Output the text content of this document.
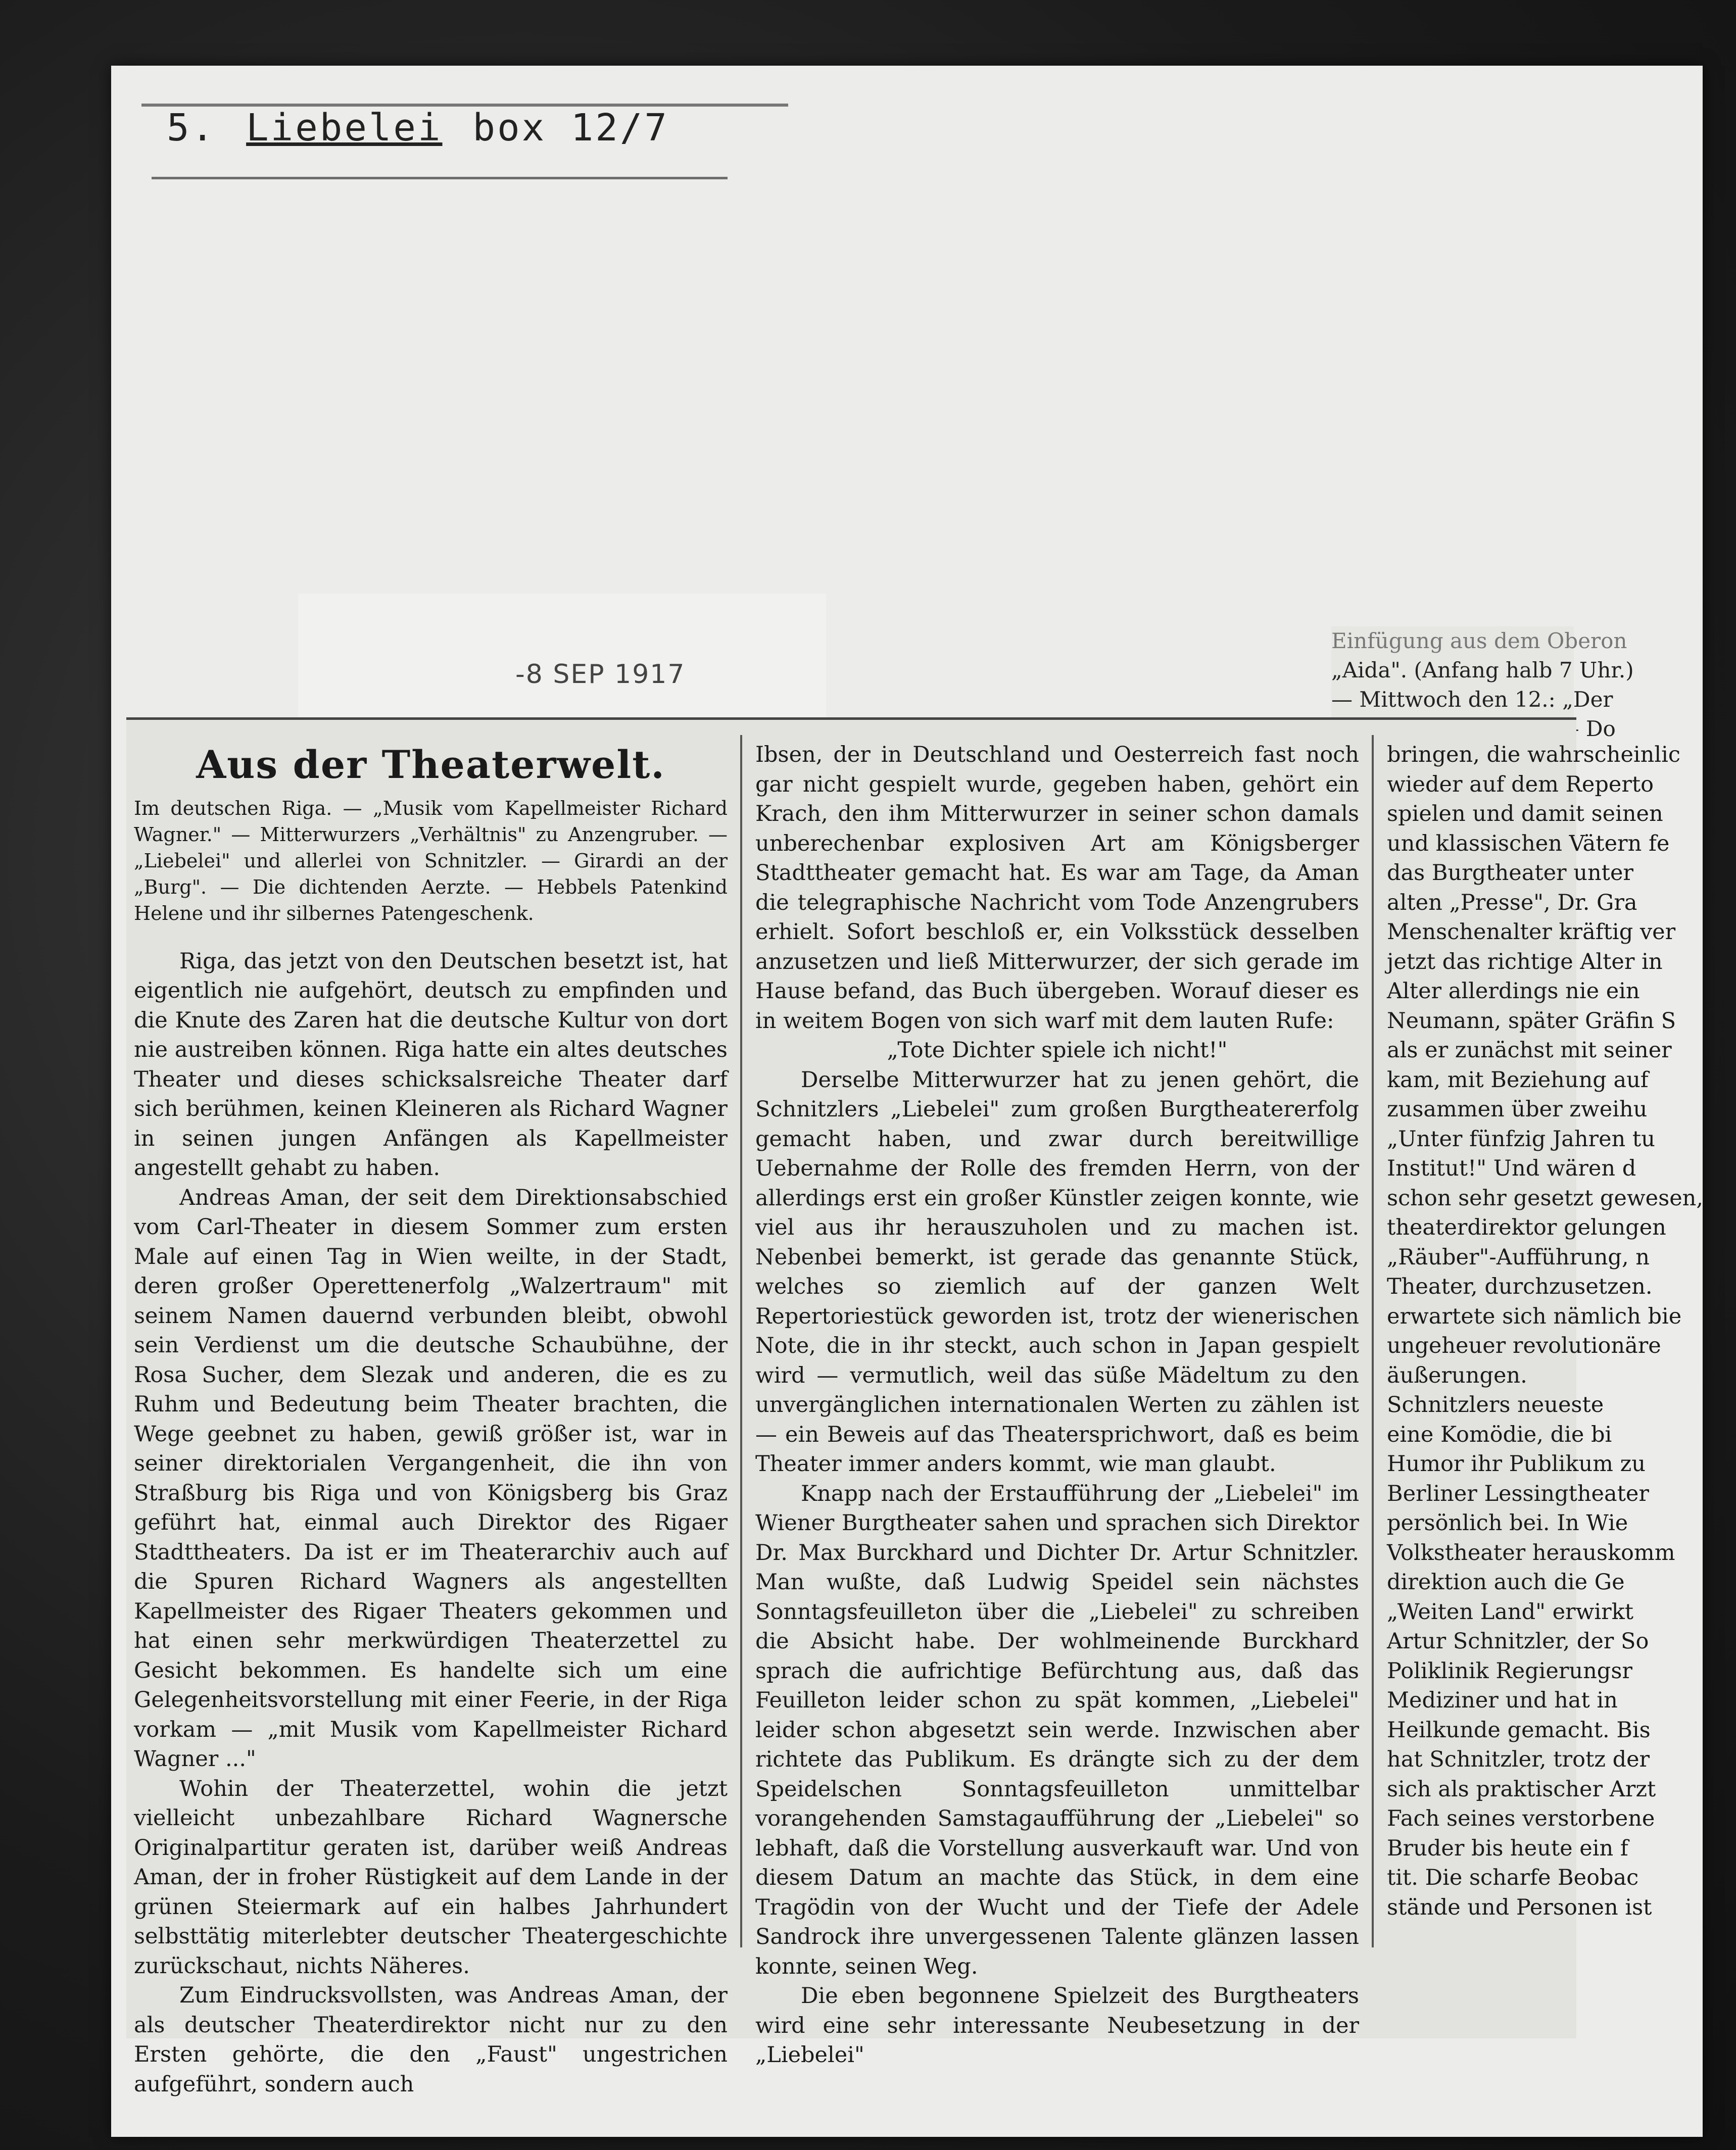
5. Liebelei box 12/7
-8 SEP 1917
Einfügung aus dem Oberon
„Aida". (Anfang halb 7 Uhr.)
— Mittwoch den 12.: „Der
Aus der Theaterwelt.
Im deutschen Riga. — „Musik vom Kapellmeister Richard Wagner." — Mitterwurzers „Verhältnis" zu Anzengruber. — „Liebelei" und allerlei von Schnitzler. — Girardi an der „Burg". — Die dichtenden Aerzte. — Hebbels Patenkind Helene und ihr silbernes Patengeschenk.

Riga, das jetzt von den Deutschen besetzt ist, hat eigentlich nie aufgehört, deutsch zu empfinden und die Knute des Zaren hat die deutsche Kultur von dort nie austreiben können. Riga hatte ein altes deutsches Theater und dieses schicksalsreiche Theater darf sich berühmen, keinen Kleineren als Richard Wagner in seinen jungen Anfängen als Kapellmeister angestellt gehabt zu haben.

Andreas Aman, der seit dem Direktionsabschied vom Carl-Theater in diesem Sommer zum ersten Male auf einen Tag in Wien weilte, in der Stadt, deren großer Operettenerfolg „Walzertraum" mit seinem Namen dauernd verbunden bleibt, obwohl sein Verdienst um die deutsche Schaubühne, der Rosa Sucher, dem Slezak und anderen, die es zu Ruhm und Bedeutung beim Theater brachten, die Wege geebnet zu haben, gewiß größer ist, war in seiner direktorialen Vergangenheit, die ihn von Straßburg bis Riga und von Königsberg bis Graz geführt hat, einmal auch Direktor des Rigaer Stadttheaters. Da ist er im Theaterarchiv auch auf die Spuren Richard Wagners als angestellten Kapellmeister des Rigaer Theaters gekommen und hat einen sehr merkwürdigen Theaterzettel zu Gesicht bekommen. Es handelte sich um eine Gelegenheitsvorstellung mit einer Feerie, in der Riga vorkam — „mit Musik vom Kapellmeister Richard Wagner ..."

Wohin der Theaterzettel, wohin die jetzt vielleicht unbezahlbare Richard Wagnersche Originalpartitur geraten ist, darüber weiß Andreas Aman, der in froher Rüstigkeit auf dem Lande in der grünen Steiermark auf ein halbes Jahrhundert selbsttätig miterlebter deutscher Theatergeschichte zurückschaut, nichts Näheres.

Zum Eindrucksvollsten, was Andreas Aman, der als deutscher Theaterdirektor nicht nur zu den Ersten gehörte, die den „Faust" ungestrichen aufgeführt, sondern auch

Ibsen, der in Deutschland und Oesterreich fast noch gar nicht gespielt wurde, gegeben haben, gehört ein Krach, den ihm Mitterwurzer in seiner schon damals unberechenbar explosiven Art am Königsberger Stadttheater gemacht hat. Es war am Tage, da Aman die telegraphische Nachricht vom Tode Anzengrubers erhielt. Sofort beschloß er, ein Volksstück desselben anzusetzen und ließ Mitterwurzer, der sich gerade im Hause befand, das Buch übergeben. Worauf dieser es in weitem Bogen von sich warf mit dem lauten Rufe:

„Tote Dichter spiele ich nicht!"

Derselbe Mitterwurzer hat zu jenen gehört, die Schnitzlers „Liebelei" zum großen Burgtheatererfolg gemacht haben, und zwar durch bereitwillige Uebernahme der Rolle des fremden Herrn, von der allerdings erst ein großer Künstler zeigen konnte, wie viel aus ihr herauszuholen und zu machen ist. Nebenbei bemerkt, ist gerade das genannte Stück, welches so ziemlich auf der ganzen Welt Repertoriestück geworden ist, trotz der wienerischen Note, die in ihr steckt, auch schon in Japan gespielt wird — vermutlich, weil das süße Mädeltum zu den unvergänglichen internationalen Werten zu zählen ist — ein Beweis auf das Theatersprichwort, daß es beim Theater immer anders kommt, wie man glaubt.

Knapp nach der Erstaufführung der „Liebelei" im Wiener Burgtheater sahen und sprachen sich Direktor Dr. Max Burckhard und Dichter Dr. Artur Schnitzler. Man wußte, daß Ludwig Speidel sein nächstes Sonntagsfeuilleton über die „Liebelei" zu schreiben die Absicht habe. Der wohlmeinende Burckhard sprach die aufrichtige Befürchtung aus, daß das Feuilleton leider schon zu spät kommen, „Liebelei" leider schon abgesetzt sein werde. Inzwischen aber richtete das Publikum. Es drängte sich zu der dem Speidelschen Sonntagsfeuilleton unmittelbar vorangehenden Samstagaufführung der „Liebelei" so lebhaft, daß die Vorstellung ausverkauft war. Und von diesem Datum an machte das Stück, in dem eine Tragödin von der Wucht und der Tiefe der Adele Sandrock ihre unvergessenen Talente glänzen lassen konnte, seinen Weg.

Die eben begonnene Spielzeit des Burgtheaters wird eine sehr interessante Neubesetzung in der „Liebelei"

bringen, die wahrscheinlic
wieder auf dem Reperto
spielen und damit seinen
und klassischen Vätern fe
das Burgtheater unter
alten „Presse", Dr. Gra
Menschenalter kräftig ver
jetzt das richtige Alter in
Alter allerdings nie ein
Neumann, später Gräfin S
als er zunächst mit seiner
kam, mit Beziehung auf
zusammen über zweihu
„Unter fünfzig Jahren tu
Institut!" Und wären d
schon sehr gesetzt gewesen,
theaterdirektor gelungen
„Räuber"-Aufführung, n
Theater, durchzusetzen.
erwartete sich nämlich bie
ungeheuer revolutionäre
äußerungen.
Schnitzlers neueste
eine Komödie, die bi
Humor ihr Publikum zu
Berliner Lessingtheater
persönlich bei. In Wie
Volkstheater herauskomm
direktion auch die Ge
„Weiten Land" erwirkt
Artur Schnitzler, der So
Poliklinik Regierungsr
Mediziner und hat in
Heilkunde gemacht. Bis
hat Schnitzler, trotz der
sich als praktischer Arzt
Fach seines verstorbene
Bruder bis heute ein f
tit. Die scharfe Beobac
stände und Personen ist
